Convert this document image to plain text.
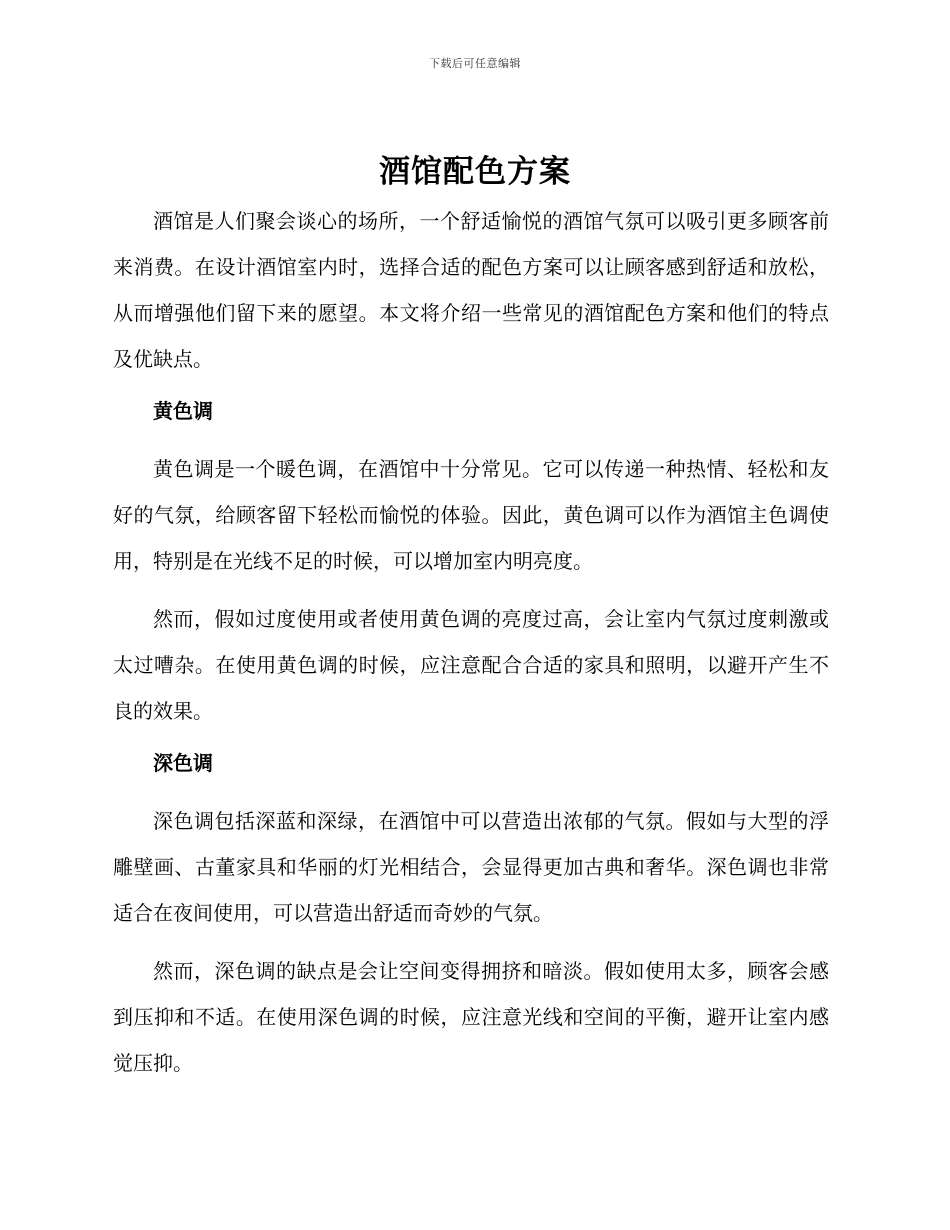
下载后可任意编辑
酒馆配色方案

酒馆是人们聚会谈心的场所，一个舒适愉悦的酒馆气氛可以吸引更多顾客前来消费。在设计酒馆室内时，选择合适的配色方案可以让顾客感到舒适和放松，从而增强他们留下来的愿望。本文将介绍一些常见的酒馆配色方案和他们的特点及优缺点。

黄色调

黄色调是一个暖色调，在酒馆中十分常见。它可以传递一种热情、轻松和友好的气氛，给顾客留下轻松而愉悦的体验。因此，黄色调可以作为酒馆主色调使用，特别是在光线不足的时候，可以增加室内明亮度。

然而，假如过度使用或者使用黄色调的亮度过高，会让室内气氛过度刺激或太过嘈杂。在使用黄色调的时候，应注意配合合适的家具和照明，以避开产生不良的效果。

深色调

深色调包括深蓝和深绿，在酒馆中可以营造出浓郁的气氛。假如与大型的浮雕壁画、古董家具和华丽的灯光相结合，会显得更加古典和奢华。深色调也非常适合在夜间使用，可以营造出舒适而奇妙的气氛。

然而，深色调的缺点是会让空间变得拥挤和暗淡。假如使用太多，顾客会感到压抑和不适。在使用深色调的时候，应注意光线和空间的平衡，避开让室内感觉压抑。
